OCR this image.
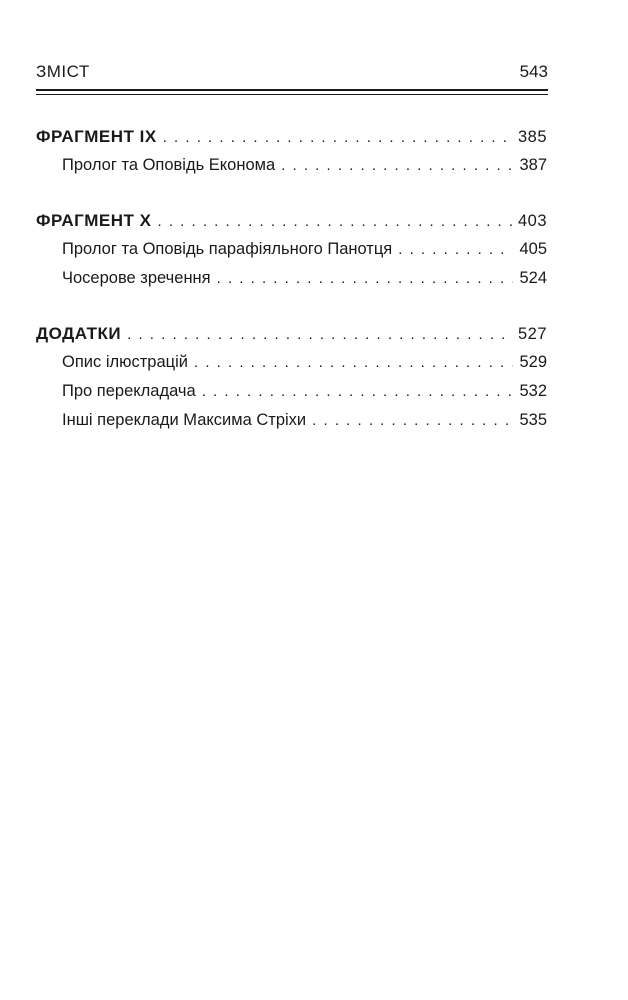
ЗМІСТ	543
ФРАГМЕНТ IX . . .	385
Пролог та Оповідь Економа . . .	387
ФРАГМЕНТ X . . .	403
Пролог та Оповідь парафіяльного Панотця . . .	405
Чосерове зречення . . .	524
ДОДАТКИ . . .	527
Опис ілюстрацій . . .	529
Про перекладача . . .	532
Інші переклади Максима Стріхи . . .	535
